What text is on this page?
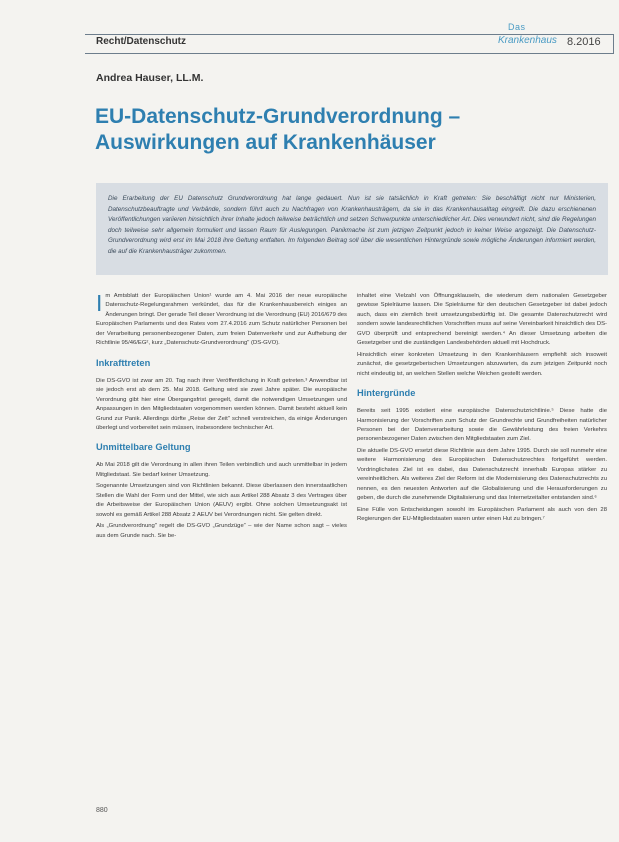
Recht/Datenschutz
Das
Krankenhaus 8.2016
Andrea Hauser, LL.M.
EU-Datenschutz-Grundverordnung – Auswirkungen auf Krankenhäuser
Die Erarbeitung der EU Datenschutz Grundverordnung hat lange gedauert. Nun ist sie tatsächlich in Kraft getreten: Sie beschäftigt nicht nur Ministerien, Datenschutzbeauftragte und Verbände, sondern führt auch zu Nachfragen von Krankenhausträgern, da sie in das Krankenhausalltag eingreift. Die dazu erschienenen Veröffentlichungen variieren hinsichtlich ihrer Inhalte jedoch teilweise beträchtlich und setzen Schwerpunkte unterschiedlicher Art. Dies verwundert nicht, sind die Regelungen doch teilweise sehr allgemein formuliert und lassen Raum für Auslegungen. Panikmache ist zum jetzigen Zeitpunkt jedoch in keiner Weise angezeigt. Die Datenschutz-Grundverordnung wird erst im Mai 2018 ihre Geltung entfalten. Im folgenden Beitrag soll über die wesentlichen Hintergründe sowie mögliche Änderungen informiert werden, die auf die Krankenhausträger zukommen.

I m Amtsblatt der Europäischen Union¹ wurde am 4. Mai 2016 der neue europäische Datenschutz-Regelungsrahmen verkündet, das für die Krankenhausbereich einiges an Änderungen bringt. Der gerade Teil dieser Verordnung ist die Verordnung (EU) 2016/679 des Europäischen Parlaments und des Rates vom 27.4.2016 zum Schutz natürlicher Personen bei der Verarbeitung personenbezogener Daten, zum freien Datenverkehr und zur Aufhebung der Richtlinie 95/46/EG², kurz „Datenschutz-Grundverordnung" (DS-GVO).

Inkrafttreten

Die DS-GVO ist zwar am 20. Tag nach ihrer Veröffentlichung in Kraft getreten.³ Anwendbar ist sie jedoch erst ab dem 25. Mai 2018. Geltung wird sie zwei Jahre später. Die europäische Verordnung gibt hier eine Übergangsfrist geregelt, damit die notwendigen Umsetzungen und Anpassungen in den Mitgliedstaaten vorgenommen werden können. Damit besteht aktuell kein Grund zur Panik. Allerdings dürfte „Reise der Zeit" schnell verstreichen, da einige Änderungen überlegt und vorbereitet sein müssen, insbesondere technischer Art.

Unmittelbare Geltung

Ab Mai 2018 gilt die Verordnung in allen ihren Teilen verbindlich und auch unmittelbar in jedem Mitgliedstaat. Sie bedarf keiner Umsetzung.

Sogenannte Umsetzungen sind von Richtlinien bekannt. Diese überlassen den innerstaatlichen Stellen die Wahl der Form und der Mittel, wie sich aus Artikel 288 Absatz 3 des Vertrages über die Arbeitsweise der Europäischen Union (AEUV) ergibt. Ohne solchen Umsetzungsakt ist sowohl es gemäß Artikel 288 Absatz 2 AEUV bei Verordnungen nicht. Sie gelten direkt.

Als „Grundverordnung" regelt die DS-GVO „Grundzüge“ – wie der Name schon sagt – vieles aus dem Grunde nach. Sie be-

inhaltet eine Vielzahl von Öffnungsklauseln, die wiederum dem nationalen Gesetzgeber gewisse Spielräume lassen. Die Spielräume für den deutschen Gesetzgeber ist dabei jedoch auch, dass ein ziemlich breit umsetzungsbedürftig ist. Die gesamte Datenschutzrecht wird sondern sowie landesrechtlichen Vorschriften muss auf seine Vereinbarkeit hinsichtlich des DS-GVO überprüft und entsprechend bereinigt werden.⁴ An dieser Umsetzung arbeiten die Gesetzgeber und die zuständigen Landesbehörden aktuell mit Hochdruck.

Hinsichtlich einer konkreten Umsetzung in den Krankenhäusern empfiehlt sich insoweit zunächst, die gesetzgeberischen Umsetzungen abzuwarten, da zum jetzigen Zeitpunkt noch nicht eindeutig ist, an welchen Stellen welche Weichen gestellt werden.

Hintergründe

Bereits seit 1995 existiert eine europäische Datenschutzrichtlinie.⁵ Diese hatte die Harmonisierung der Vorschriften zum Schutz der Grundrechte und Grundfreiheiten natürlicher Personen bei der Datenverarbeitung sowie die Gewährleistung des freien Verkehrs personenbezogener Daten zwischen den Mitgliedstaaten zum Ziel.

Die aktuelle DS-GVO ersetzt diese Richtlinie aus dem Jahre 1995. Durch sie soll nunmehr eine weitere Harmonisierung des Europäischen Datenschutzrechtes fortgeführt werden. Vordringlichstes Ziel ist es dabei, das Datenschutzrecht innerhalb Europas stärker zu vereinheitlichen. Als weiteres Ziel der Reform ist die Modernisierung des Datenschutzrechts zu nennen, es den neuesten Antworten auf die Globalisierung und die Herausforderungen zu geben, die durch die zunehmende Digitalisierung und das Internetzeitalter entstanden sind.⁶

Eine Fülle von Entscheidungen sowohl im Europäischen Parlament als auch von den 28 Regierungen der EU-Mitgliedstaaten waren unter einen Hut zu bringen.⁷

880
